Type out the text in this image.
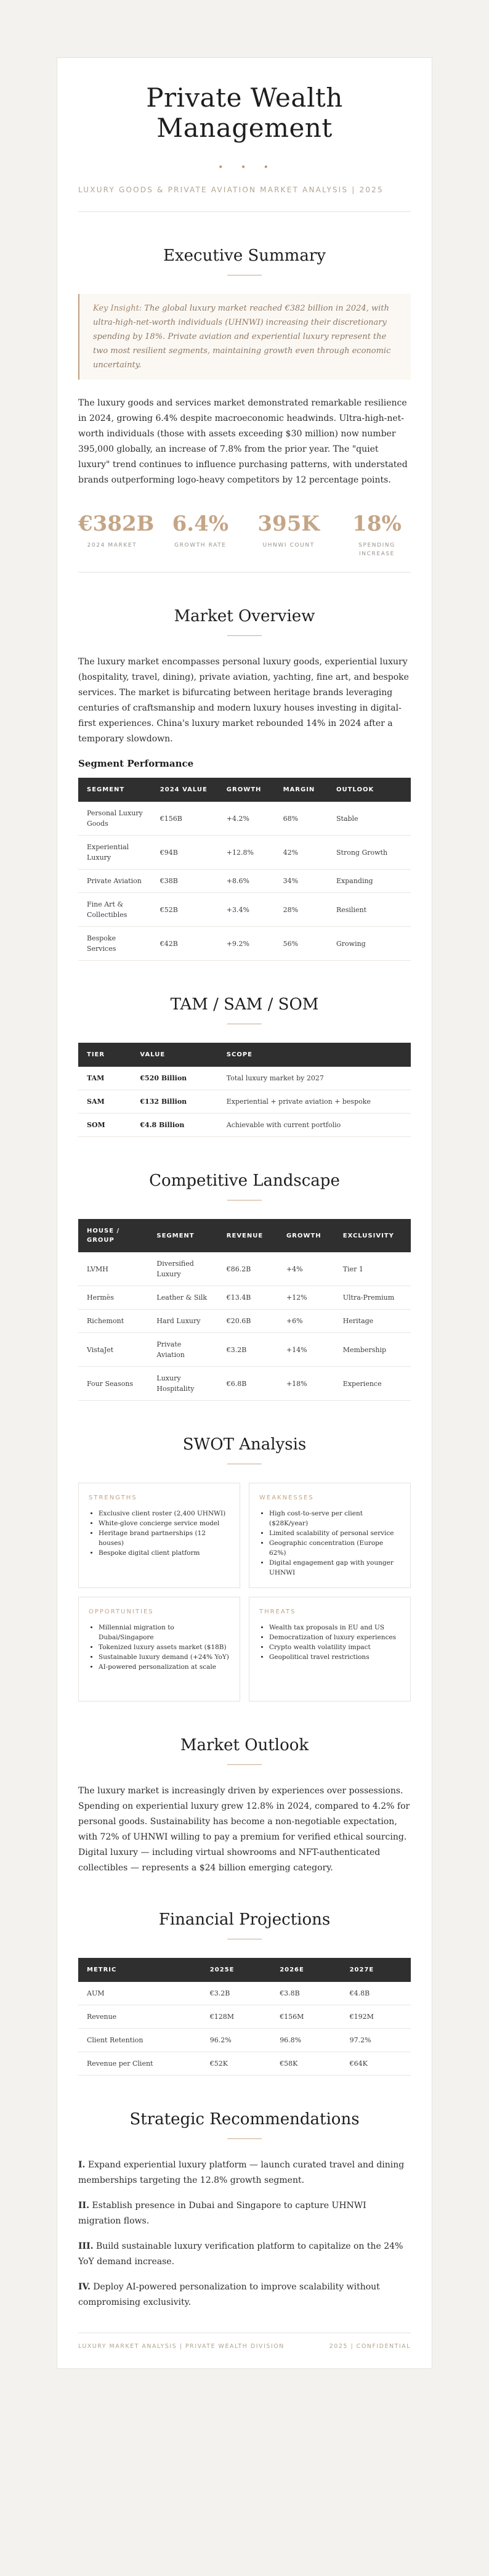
Private Wealth Management
• • •
LUXURY GOODS & PRIVATE AVIATION MARKET ANALYSIS | 2025
Executive Summary
Key Insight: The global luxury market reached €382 billion in 2024, with ultra-high-net-worth individuals (UHNWI) increasing their discretionary spending by 18%. Private aviation and experiential luxury represent the two most resilient segments, maintaining growth even through economic uncertainty.

The luxury goods and services market demonstrated remarkable resilience in 2024, growing 6.4% despite macroeconomic headwinds. Ultra-high-net-worth individuals (those with assets exceeding $30 million) now number 395,000 globally, an increase of 7.8% from the prior year. The "quiet luxury" trend continues to influence purchasing patterns, with understated brands outperforming logo-heavy competitors by 12 percentage points.

€382B
2024 MARKET
6.4%
GROWTH RATE
395K
UHNWI COUNT
18%
SPENDING INCREASE
Market Overview

The luxury market encompasses personal luxury goods, experiential luxury (hospitality, travel, dining), private aviation, yachting, fine art, and bespoke services. The market is bifurcating between heritage brands leveraging centuries of craftsmanship and modern luxury houses investing in digital-first experiences. China's luxury market rebounded 14% in 2024 after a temporary slowdown.

Segment Performance
SEGMENT	2024 VALUE	GROWTH	MARGIN	OUTLOOK
Personal Luxury Goods	€156B	+4.2%	68%	Stable
Experiential Luxury	€94B	+12.8%	42%	Strong Growth
Private Aviation	€38B	+8.6%	34%	Expanding
Fine Art & Collectibles	€52B	+3.4%	28%	Resilient
Bespoke Services	€42B	+9.2%	56%	Growing
TAM / SAM / SOM
TIER	VALUE	SCOPE
TAM	€520 Billion	Total luxury market by 2027
SAM	€132 Billion	Experiential + private aviation + bespoke
SOM	€4.8 Billion	Achievable with current portfolio
Competitive Landscape
HOUSE / GROUP	SEGMENT	REVENUE	GROWTH	EXCLUSIVITY
LVMH	Diversified Luxury	€86.2B	+4%	Tier 1
Hermès	Leather & Silk	€13.4B	+12%	Ultra-Premium
Richemont	Hard Luxury	€20.6B	+6%	Heritage
VistaJet	Private Aviation	€3.2B	+14%	Membership
Four Seasons	Luxury Hospitality	€6.8B	+18%	Experience
SWOT Analysis
STRENGTHS
• Exclusive client roster (2,400 UHNWI)
• White-glove concierge service model
• Heritage brand partnerships (12 houses)
• Bespoke digital client platform
WEAKNESSES
• High cost-to-serve per client ($28K/year)
• Limited scalability of personal service
• Geographic concentration (Europe 62%)
• Digital engagement gap with younger UHNWI
OPPORTUNITIES
• Millennial migration to Dubai/Singapore
• Tokenized luxury assets market ($18B)
• Sustainable luxury demand (+24% YoY)
• AI-powered personalization at scale
THREATS
• Wealth tax proposals in EU and US
• Democratization of luxury experiences
• Crypto wealth volatility impact
• Geopolitical travel restrictions
Market Outlook

The luxury market is increasingly driven by experiences over possessions. Spending on experiential luxury grew 12.8% in 2024, compared to 4.2% for personal goods. Sustainability has become a non-negotiable expectation, with 72% of UHNWI willing to pay a premium for verified ethical sourcing. Digital luxury — including virtual showrooms and NFT-authenticated collectibles — represents a $24 billion emerging category.

Financial Projections
METRIC	2025E	2026E	2027E
AUM	€3.2B	€3.8B	€4.8B
Revenue	€128M	€156M	€192M
Client Retention	96.2%	96.8%	97.2%
Revenue per Client	€52K	€58K	€64K
Strategic Recommendations

I. Expand experiential luxury platform — launch curated travel and dining memberships targeting the 12.8% growth segment.

II. Establish presence in Dubai and Singapore to capture UHNWI migration flows.

III. Build sustainable luxury verification platform to capitalize on the 24% YoY demand increase.

IV. Deploy AI-powered personalization to improve scalability without compromising exclusivity.

LUXURY MARKET ANALYSIS | PRIVATE WEALTH DIVISION	2025 | CONFIDENTIAL
